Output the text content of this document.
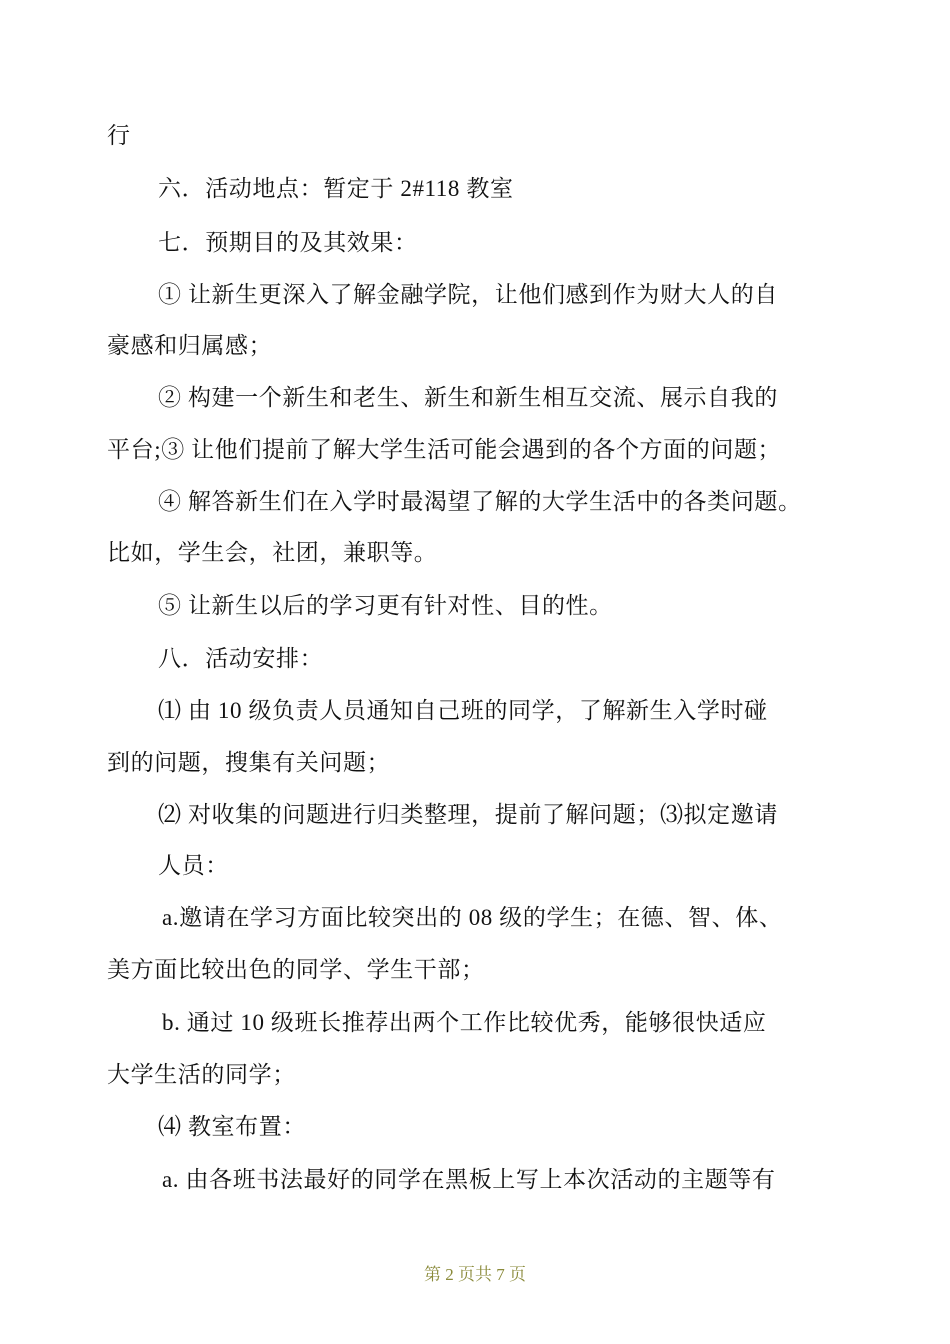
行
六．活动地点：暂定于 2#118 教室
七．预期目的及其效果：
① 让新生更深入了解金融学院，让他们感到作为财大人的自
豪感和归属感；
② 构建一个新生和老生、新生和新生相互交流、展示自我的
平台;③ 让他们提前了解大学生活可能会遇到的各个方面的问题；
④ 解答新生们在入学时最渴望了解的大学生活中的各类问题。
比如，学生会，社团，兼职等。
⑤ 让新生以后的学习更有针对性、目的性。
八．活动安排：
⑴ 由 10 级负责人员通知自己班的同学，了解新生入学时碰
到的问题，搜集有关问题；
⑵ 对收集的问题进行归类整理，提前了解问题；⑶拟定邀请
人员：
a.邀请在学习方面比较突出的 08 级的学生；在德、智、体、
美方面比较出色的同学、学生干部；
b. 通过 10 级班长推荐出两个工作比较优秀，能够很快适应
大学生活的同学；
⑷ 教室布置：
a. 由各班书法最好的同学在黑板上写上本次活动的主题等有
第 2 页共 7 页
